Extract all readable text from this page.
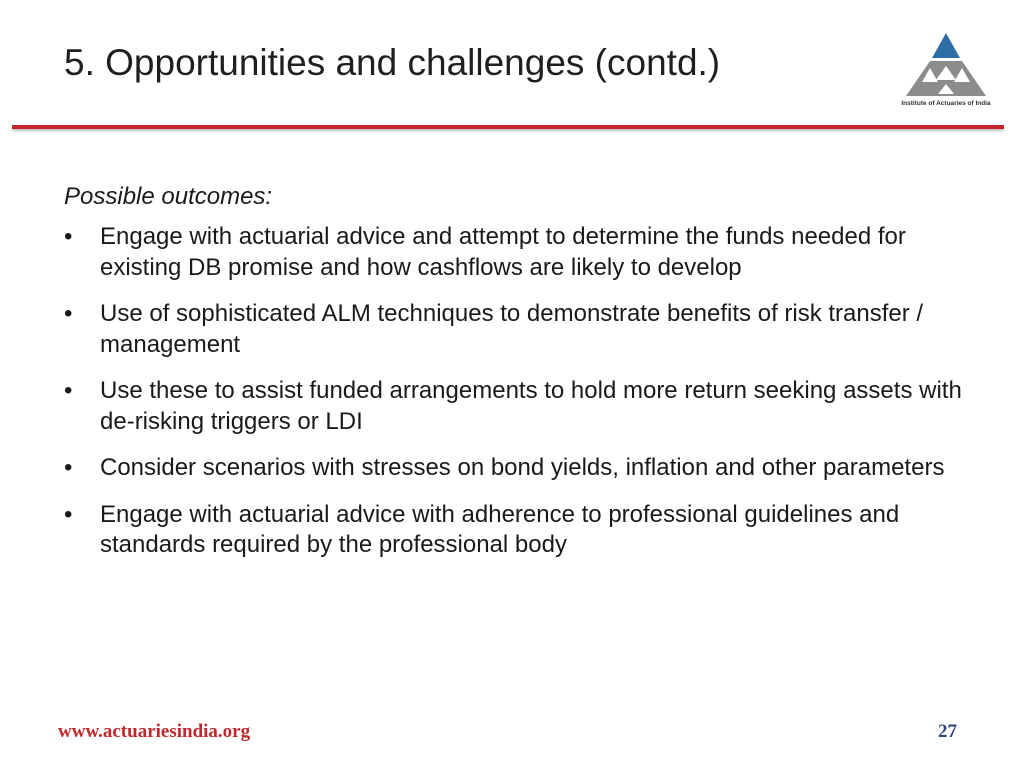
5. Opportunities and challenges (contd.)
Institute of Actuaries of India

Possible outcomes:

•	Engage with actuarial advice and attempt to determine the funds needed for existing DB promise and how cashflows are likely to develop
•	Use of sophisticated ALM techniques to demonstrate benefits of risk transfer / management
•	Use these to assist funded arrangements to hold more return seeking assets with de-risking triggers or LDI
•	Consider scenarios with stresses on bond yields, inflation and other parameters
•	Engage with actuarial advice with adherence to professional guidelines and standards required by the professional body
www.actuariesindia.org	27
